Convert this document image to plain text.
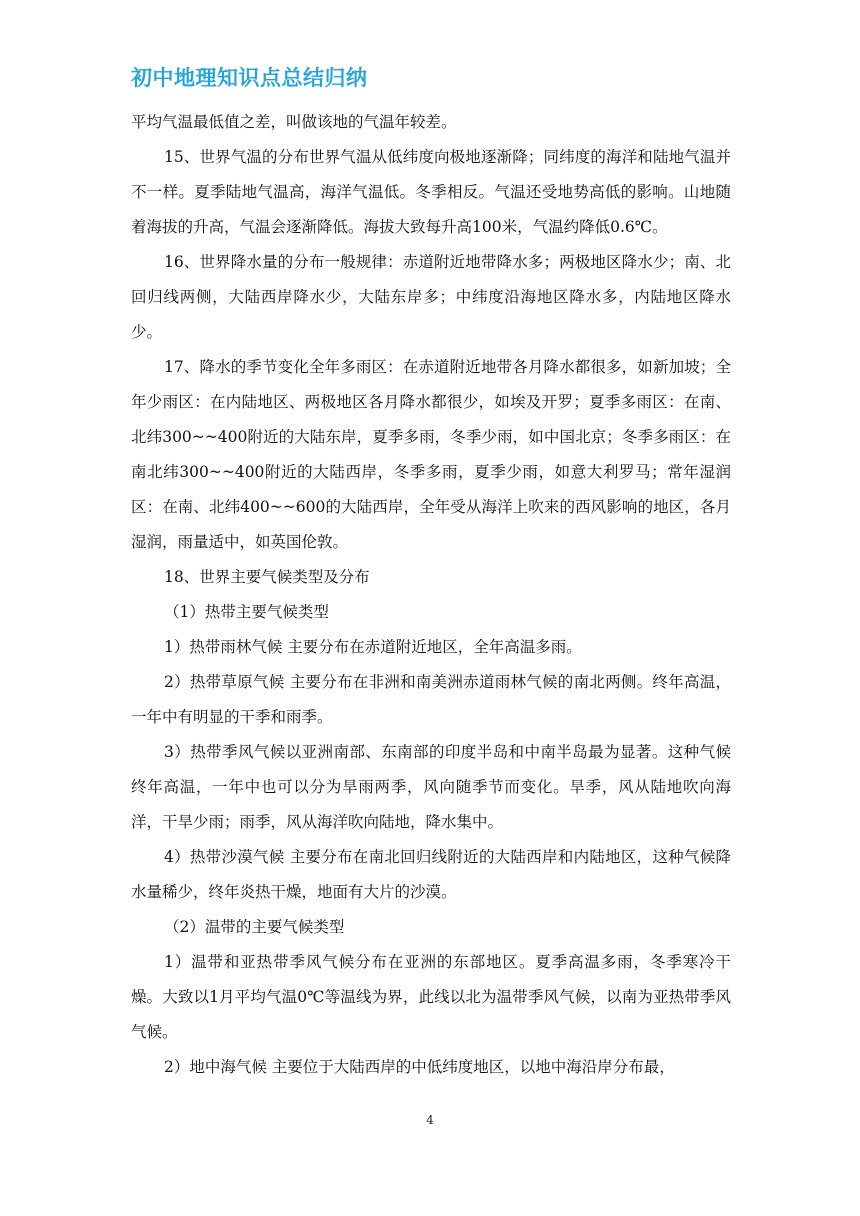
初中地理知识点总结归纳

平均气温最低值之差，叫做该地的气温年较差。

15、世界气温的分布世界气温从低纬度向极地逐渐降；同纬度的海洋和陆地气温并不一样。夏季陆地气温高，海洋气温低。冬季相反。气温还受地势高低的影响。山地随着海拔的升高，气温会逐渐降低。海拔大致每升高100米，气温约降低0.6℃。

16、世界降水量的分布一般规律：赤道附近地带降水多；两极地区降水少；南、北回归线两侧，大陆西岸降水少，大陆东岸多；中纬度沿海地区降水多，内陆地区降水少。

17、降水的季节变化全年多雨区：在赤道附近地带各月降水都很多，如新加坡；全年少雨区：在内陆地区、两极地区各月降水都很少，如埃及开罗；夏季多雨区：在南、北纬300~~400附近的大陆东岸，夏季多雨，冬季少雨，如中国北京；冬季多雨区：在南北纬300~~400附近的大陆西岸，冬季多雨，夏季少雨，如意大利罗马；常年湿润区：在南、北纬400~~600的大陆西岸，全年受从海洋上吹来的西风影响的地区，各月湿润，雨量适中，如英国伦敦。

18、世界主要气候类型及分布

（1）热带主要气候类型

1）热带雨林气候 主要分布在赤道附近地区，全年高温多雨。

2）热带草原气候 主要分布在非洲和南美洲赤道雨林气候的南北两侧。终年高温，一年中有明显的干季和雨季。

3）热带季风气候以亚洲南部、东南部的印度半岛和中南半岛最为显著。这种气候终年高温，一年中也可以分为旱雨两季，风向随季节而变化。旱季，风从陆地吹向海洋，干旱少雨；雨季，风从海洋吹向陆地，降水集中。

4）热带沙漠气候 主要分布在南北回归线附近的大陆西岸和内陆地区，这种气候降水量稀少，终年炎热干燥，地面有大片的沙漠。

（2）温带的主要气候类型

1）温带和亚热带季风气候分布在亚洲的东部地区。夏季高温多雨，冬季寒冷干燥。大致以1月平均气温0℃等温线为界，此线以北为温带季风气候，以南为亚热带季风气候。

2）地中海气候 主要位于大陆西岸的中低纬度地区，以地中海沿岸分布最，

4
